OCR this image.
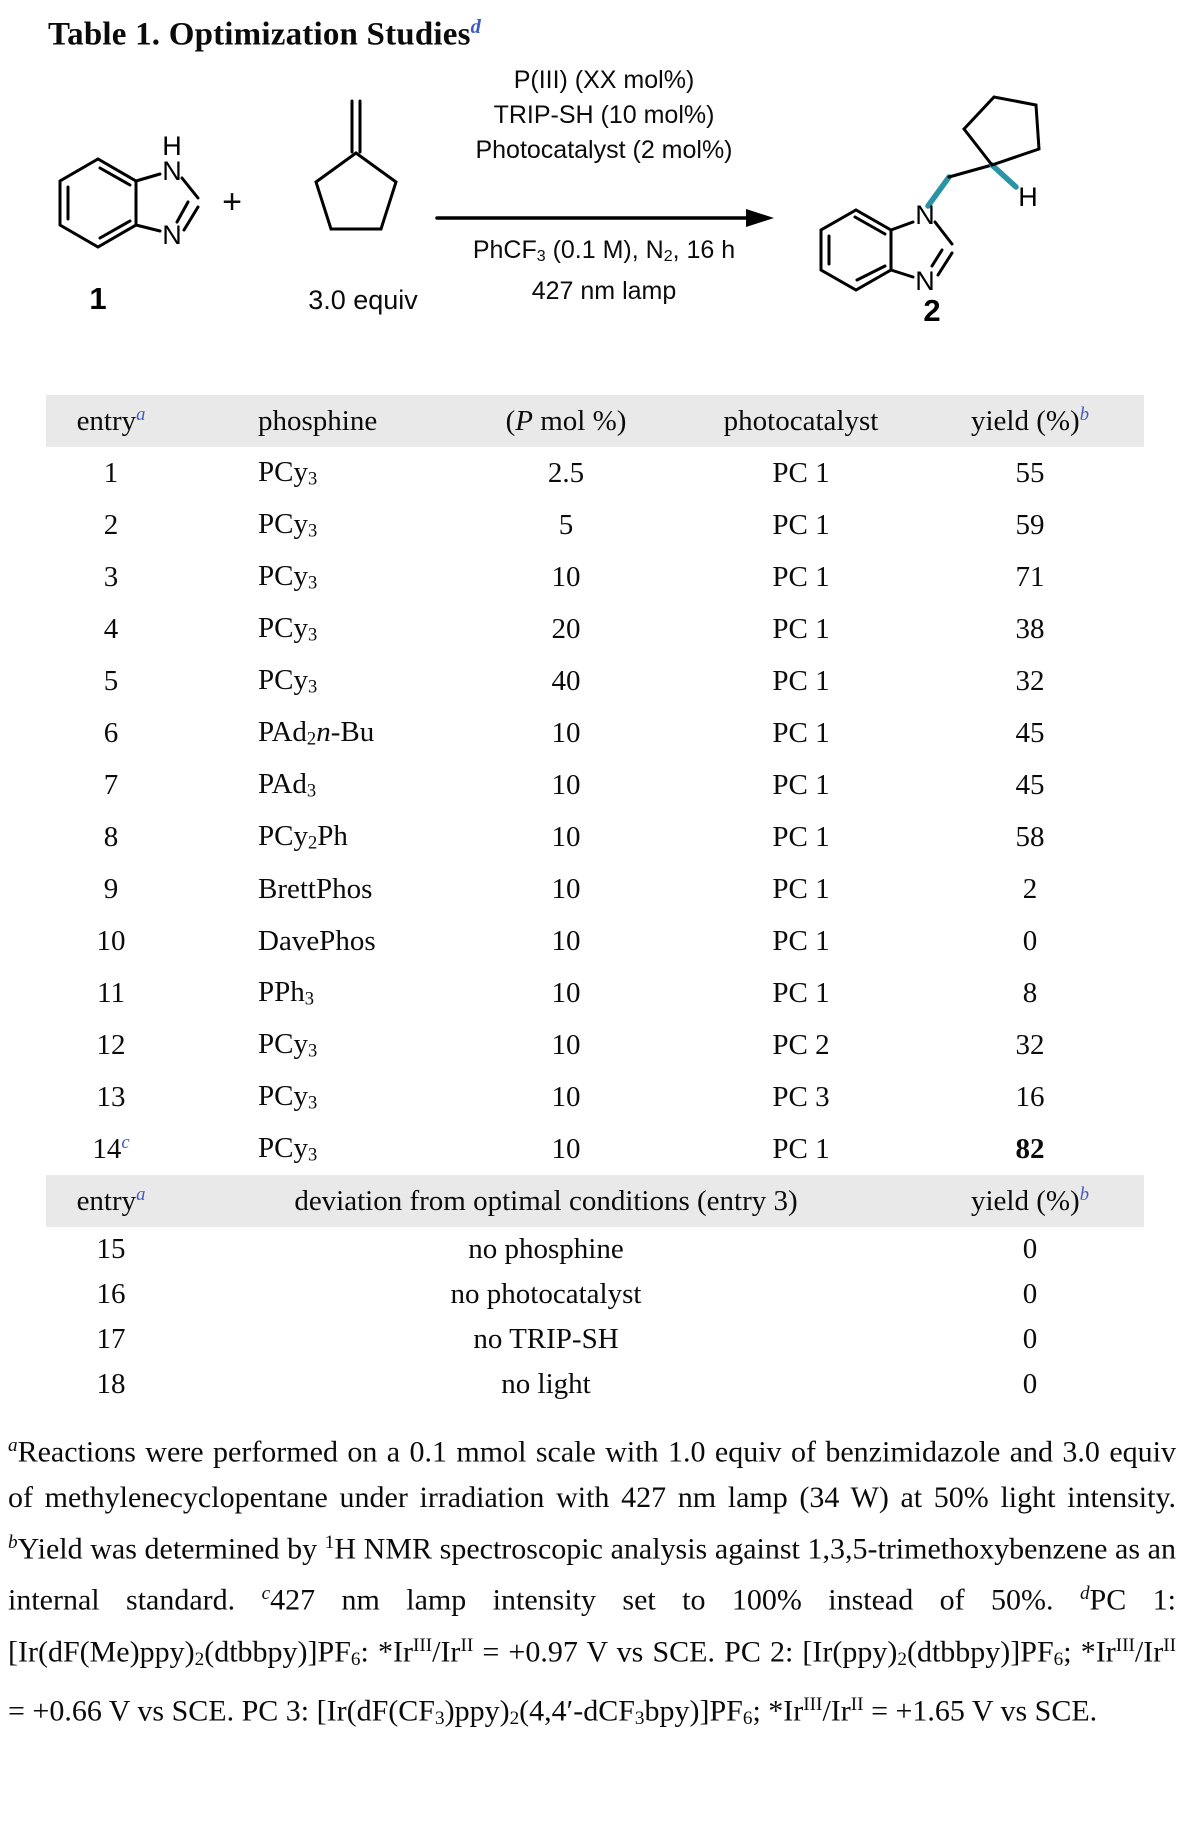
Table 1. Optimization Studies$^d$
H
N
N
1
+
3.0 equiv
P(III) (XX mol%)
TRIP-SH (10 mol%)
Photocatalyst (2 mol%)
PhCF$_3$ (0.1 M), $N_2$, 16 h
427 nm lamp
N
N
H
2
entry$^a$	phosphine	(P mol %)	photocatalyst	yield (%)$^b$
1	PCy$_3$	2.5	PC 1	55
2	PCy$_3$	5	PC 1	59
3	PCy$_3$	10	PC 1	71
4	PCy$_3$	20	PC 1	38
5	PCy$_3$	40	PC 1	32
6	PAd$_2$n-Bu	10	PC 1	45
7	PAd$_3$	10	PC 1	45
8	PCy$_2$Ph	10	PC 1	58
9	BrettPhos	10	PC 1	2
10	DavePhos	10	PC 1	0
11	PPh$_3$	10	PC 1	8
12	PCy$_3$	10	PC 2	32
13	PCy$_3$	10	PC 3	16
14$^c$	PCy$_3$	10	PC 1	82
entry$^a$	deviation from optimal conditions (entry 3)	yield (%)$^b$
15	no phosphine	0
16	no photocatalyst	0
17	no TRIP-SH	0
18	no light	0
$^a$Reactions were performed on a 0.1 mmol scale with 1.0 equiv of benzimidazole and 3.0 equiv of methylenecyclopentane under irradiation with 427 nm lamp (34 W) at 50% light intensity. $^b$Yield was determined by $^1$H NMR spectroscopic analysis against 1,3,5-trimethoxybenzene as an internal standard. $^c$427 nm lamp intensity set to 100% instead of 50%. $^d$PC 1: $[Ir(dF(Me)ppy)_2(dtbbpy)]PF_6$: $*Ir^{III}/Ir^{II} = +0.97$ V vs SCE. PC 2: $[Ir(ppy)_2(dtbbpy)]PF_6$; $*Ir^{III}/Ir^{II} = +0.66$ V vs SCE. PC 3: $[Ir(dF(CF_3)ppy)_2(4,4'-dCF_3bpy)]PF_6$; $*Ir^{III}/Ir^{II} = +1.65$ V vs SCE.
